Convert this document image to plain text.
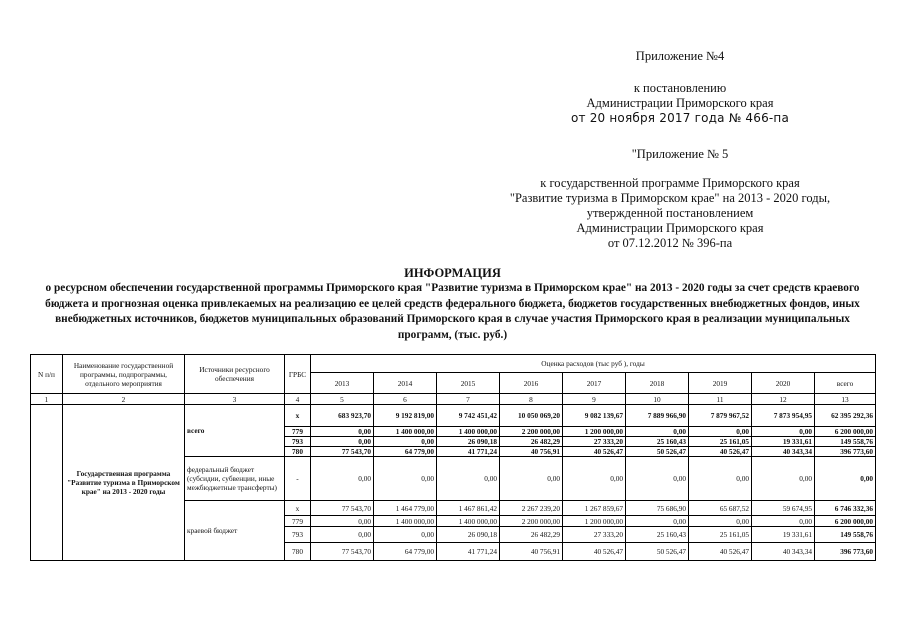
Приложение №4
к постановлению
Администрации Приморского края
от 20 ноября 2017 года № 466-па
"Приложение № 5
к государственной программе Приморского края
"Развитие туризма в Приморском крае" на 2013 - 2020 годы,
утвержденной постановлением
Администрации Приморского края
от 07.12.2012 № 396-па
ИНФОРМАЦИЯ
о ресурсном обеспечении государственной программы Приморского края "Развитие туризма в Приморском крае" на 2013 - 2020 годы за счет средств краевого бюджета и прогнозная оценка привлекаемых на реализацию ее целей средств федерального бюджета, бюджетов государственных внебюджетных фондов, иных внебюджетных источников, бюджетов муниципальных образований Приморского края в случае участия Приморского края в реализации муниципальных программ, (тыс. руб.)
N п/п	Наименование государственной программы, подпрограммы, отдельного мероприятия	Источники ресурсного обеспечения	ГРБС	Оценка расходов (тыс руб ), годы								
				2013	2014	2015	2016	2017	2018	2019	2020	всего
1	2	3	4	5	6	7	8	9	10	11	12	13
	Государственная программа "Развитие туризма в Приморском крае" на 2013 - 2020 годы	всего	x	683 923,70	9 192 819,00	9 742 451,42	10 050 069,20	9 082 139,67	7 889 966,90	7 879 967,52	7 873 954,95	62 395 292,36
			779	0,00	1 400 000,00	1 400 000,00	2 200 000,00	1 200 000,00	0,00	0,00	0,00	6 200 000,00
			793	0,00	0,00	26 090,18	26 482,29	27 333,20	25 160,43	25 161,05	19 331,61	149 558,76
			780	77 543,70	64 779,00	41 771,24	40 756,91	40 526,47	50 526,47	40 526,47	40 343,34	396 773,60
		федеральный бюджет (субсидии, субвенции, иные межбюджетные трансферты)	-	0,00	0,00	0,00	0,00	0,00	0,00	0,00	0,00	0,00
		краевой бюджет	x	77 543,70	1 464 779,00	1 467 861,42	2 267 239,20	1 267 859,67	75 686,90	65 687,52	59 674,95	6 746 332,36
			779	0,00	1 400 000,00	1 400 000,00	2 200 000,00	1 200 000,00	0,00	0,00	0,00	6 200 000,00
			793	0,00	0,00	26 090,18	26 482,29	27 333,20	25 160,43	25 161,05	19 331,61	149 558,76
			780	77 543,70	64 779,00	41 771,24	40 756,91	40 526,47	50 526,47	40 526,47	40 343,34	396 773,60
